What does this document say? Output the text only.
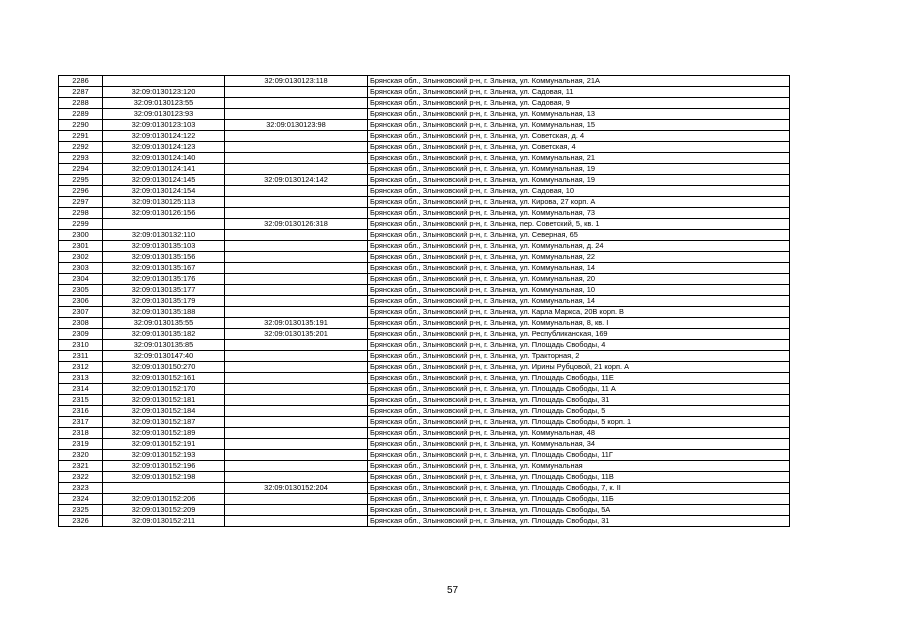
2286		32:09:0130123:118	Брянская обл., Злынковский р-н, г. Злынка, ул. Коммунальная, 21А
2287	32:09:0130123:120		Брянская обл., Злынковский р-н, г. Злынка, ул. Садовая, 11
2288	32:09:0130123:55		Брянская обл., Злынковский р-н, г. Злынка, ул. Садовая, 9
2289	32:09:0130123:93		Брянская обл., Злынковский р-н, г. Злынка, ул. Коммунальная, 13
2290	32:09:0130123:103	32:09:0130123:98	Брянская обл., Злынковский р-н, г. Злынка, ул. Коммунальная, 15
2291	32:09:0130124:122		Брянская обл., Злынковский р-н, г. Злынка, ул. Советская, д. 4
2292	32:09:0130124:123		Брянская обл., Злынковский р-н, г. Злынка, ул. Советская, 4
2293	32:09:0130124:140		Брянская обл., Злынковский р-н, г. Злынка, ул. Коммунальная, 21
2294	32:09:0130124:141		Брянская обл., Злынковский р-н, г. Злынка, ул. Коммунальная, 19
2295	32:09:0130124:145	32:09:0130124:142	Брянская обл., Злынковский р-н, г. Злынка, ул. Коммунальная, 19
2296	32:09:0130124:154		Брянская обл., Злынковский р-н, г. Злынка, ул. Садовая, 10
2297	32:09:0130125:113		Брянская обл., Злынковский р-н, г. Злынка, ул. Кирова, 27 корп. А
2298	32:09:0130126:156		Брянская обл., Злынковский р-н, г. Злынка, ул. Коммунальная, 73
2299		32:09:0130126:318	Брянская обл., Злынковский р-н, г. Злынка, пер. Советский, 5, кв. 1
2300	32:09:0130132:110		Брянская обл., Злынковский р-н, г. Злынка, ул. Северная, 65
2301	32:09:0130135:103		Брянская обл., Злынковский р-н, г. Злынка, ул. Коммунальная, д. 24
2302	32:09:0130135:156		Брянская обл., Злынковский р-н, г. Злынка, ул. Коммунальная, 22
2303	32:09:0130135:167		Брянская обл., Злынковский р-н, г. Злынка, ул. Коммунальная, 14
2304	32:09:0130135:176		Брянская обл., Злынковский р-н, г. Злынка, ул. Коммунальная, 20
2305	32:09:0130135:177		Брянская обл., Злынковский р-н, г. Злынка, ул. Коммунальная, 10
2306	32:09:0130135:179		Брянская обл., Злынковский р-н, г. Злынка, ул. Коммунальная, 14
2307	32:09:0130135:188		Брянская обл., Злынковский р-н, г. Злынка, ул. Карла Маркса, 20В корп. В
2308	32:09:0130135:55	32:09:0130135:191	Брянская обл., Злынковский р-н, г. Злынка, ул. Коммунальная, 8, кв. I
2309	32:09:0130135:182	32:09:0130135:201	Брянская обл., Злынковский р-н, г. Злынка, ул. Республиканская, 169
2310	32:09:0130135:85		Брянская обл., Злынковский р-н, г. Злынка, ул. Площадь Свободы, 4
2311	32:09:0130147:40		Брянская обл., Злынковский р-н, г. Злынка, ул. Тракторная, 2
2312	32:09:0130150:270		Брянская обл., Злынковский р-н, г. Злынка, ул. Ирины Рубцовой, 21 корп. А
2313	32:09:0130152:161		Брянская обл., Злынковский р-н, г. Злынка, ул. Площадь Свободы, 11Е
2314	32:09:0130152:170		Брянская обл., Злынковский р-н, г. Злынка, ул. Площадь Свободы, 11 А
2315	32:09:0130152:181		Брянская обл., Злынковский р-н, г. Злынка, ул. Площадь Свободы, 31
2316	32:09:0130152:184		Брянская обл., Злынковский р-н, г. Злынка, ул. Площадь Свободы, 5
2317	32:09:0130152:187		Брянская обл., Злынковский р-н, г. Злынка, ул. Площадь Свободы, 5 корп. 1
2318	32:09:0130152:189		Брянская обл., Злынковский р-н, г. Злынка, ул. Коммунальная, 48
2319	32:09:0130152:191		Брянская обл., Злынковский р-н, г. Злынка, ул. Коммунальная, 34
2320	32:09:0130152:193		Брянская обл., Злынковский р-н, г. Злынка, ул. Площадь Свободы, 11Г
2321	32:09:0130152:196		Брянская обл., Злынковский р-н, г. Злынка, ул. Коммунальная
2322	32:09:0130152:198		Брянская обл., Злынковский р-н, г. Злынка, ул. Площадь Свободы, 11В
2323		32:09:0130152:204	Брянская обл., Злынковский р-н, г. Злынка, ул. Площадь Свободы, 7, к. II
2324	32:09:0130152:206		Брянская обл., Злынковский р-н, г. Злынка, ул. Площадь Свободы, 11Б
2325	32:09:0130152:209		Брянская обл., Злынковский р-н, г. Злынка, ул. Площадь Свободы, 5А
2326	32:09:0130152:211		Брянская обл., Злынковский р-н, г. Злынка, ул. Площадь Свободы, 31
57
